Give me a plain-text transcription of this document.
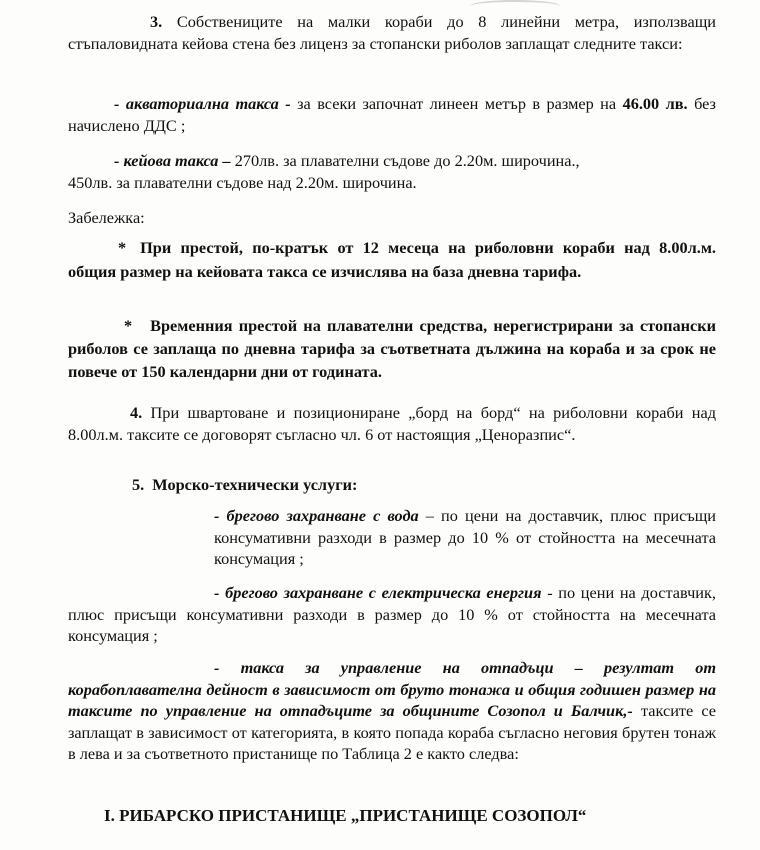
3. Собствениците на малки кораби до 8 линейни метра, използващи стъпаловидната кейова стена без лиценз за стопански риболов заплащат следните такси:

- акваториална такса - за всеки започнат линеен метър в размер на 46.00 лв. без начислено ДДС ;

- кейова такса – 270лв. за плавателни съдове до 2.20м. широчина.,
450лв. за плавателни съдове над 2.20м. широчина.

Забележка:

* При престой, по-кратък от 12 месеца на риболовни кораби над 8.00л.м. общия размер на кейовата такса се изчислява на база дневна тарифа.

* Временния престой на плавателни средства, нерегистрирани за стопански риболов се заплаща по дневна тарифа за съответната дължина на кораба и за срок не повече от 150 календарни дни от годината.

4. При швартоване и позициониране „борд на борд“ на риболовни кораби над 8.00л.м. таксите се договорят съгласно чл. 6 от настоящия „Ценоразпис“.

5. Морско-технически услуги:

- брегово захранване с вода – по цени на доставчик, плюс присъщи консумативни разходи в размер до 10 % от стойността на месечната консумация ;

- брегово захранване с електрическа енергия - по цени на доставчик, плюс присъщи консумативни разходи в размер до 10 % от стойността на месечната консумация ;

- такса за управление на отпадъци – резултат от корабоплавателна дейност в зависимост от бруто тонажа и общия годишен размер на таксите по управление на отпадъците за общините Созопол и Балчик,- таксите се заплащат в зависимост от категорията, в която попада кораба съгласно неговия брутен тонаж в лева и за съответното пристанище по Таблица 2 е както следва:

I. РИБАРСКО ПРИСТАНИЩЕ „ПРИСТАНИЩЕ СОЗОПОЛ“
